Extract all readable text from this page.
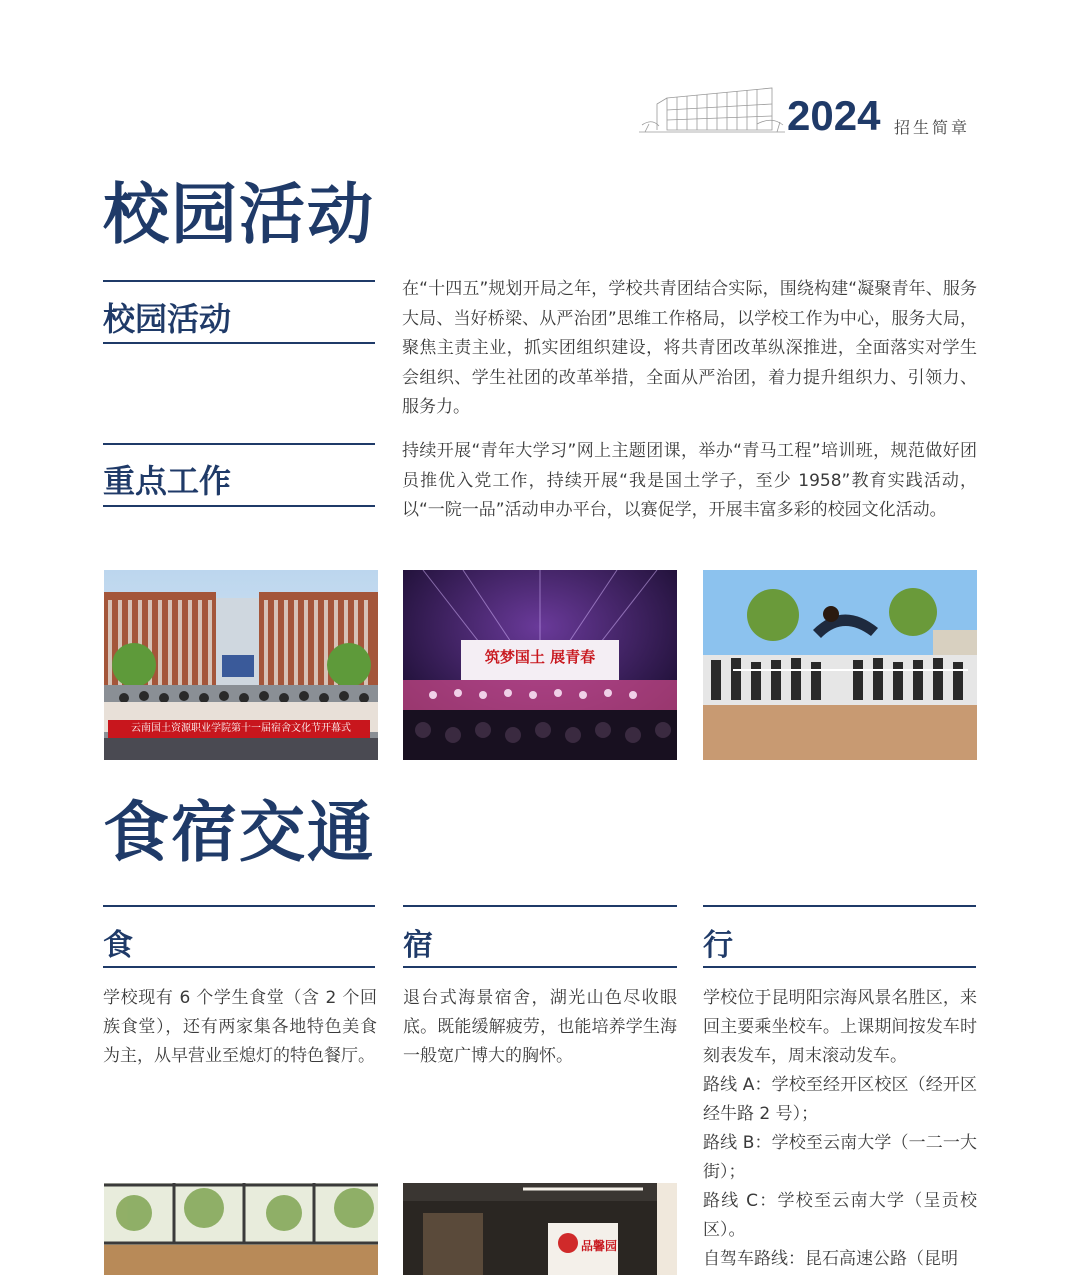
2024 招生简章
校园活动
校园活动
在“十四五”规划开局之年，学校共青团结合实际，围绕构建“凝聚青年、服务大局、当好桥梁、从严治团”思维工作格局，以学校工作为中心，服务大局，聚焦主责主业，抓实团组织建设，将共青团改革纵深推进，全面落实对学生会组织、学生社团的改革举措，全面从严治团，着力提升组织力、引领力、服务力。
重点工作
持续开展“青年大学习”网上主题团课，举办“青马工程”培训班，规范做好团员推优入党工作，持续开展“我是国土学子，至少 1958”教育实践活动，以“一院一品”活动申办平台，以赛促学，开展丰富多彩的校园文化活动。
云南国土资源职业学院第十一届宿舍文化节开幕式
筑梦国土 展青春
食宿交通
食

学校现有 6 个学生食堂（含 2 个回族食堂），还有两家集各地特色美食为主，从早营业至熄灯的特色餐厅。

宿

退台式海景宿舍，湖光山色尽收眼底。既能缓解疲劳，也能培养学生海一般宽广博大的胸怀。

行

学校位于昆明阳宗海风景名胜区，来回主要乘坐校车。上课期间按发车时刻表发车，周末滚动发车。

路线 A：学校至经开区校区（经开区经牛路 2 号）；

路线 B：学校至云南大学（一二一大街）；

路线 C：学校至云南大学（呈贡校区）。

自驾车路线：昆石高速公路（昆明

品馨园
